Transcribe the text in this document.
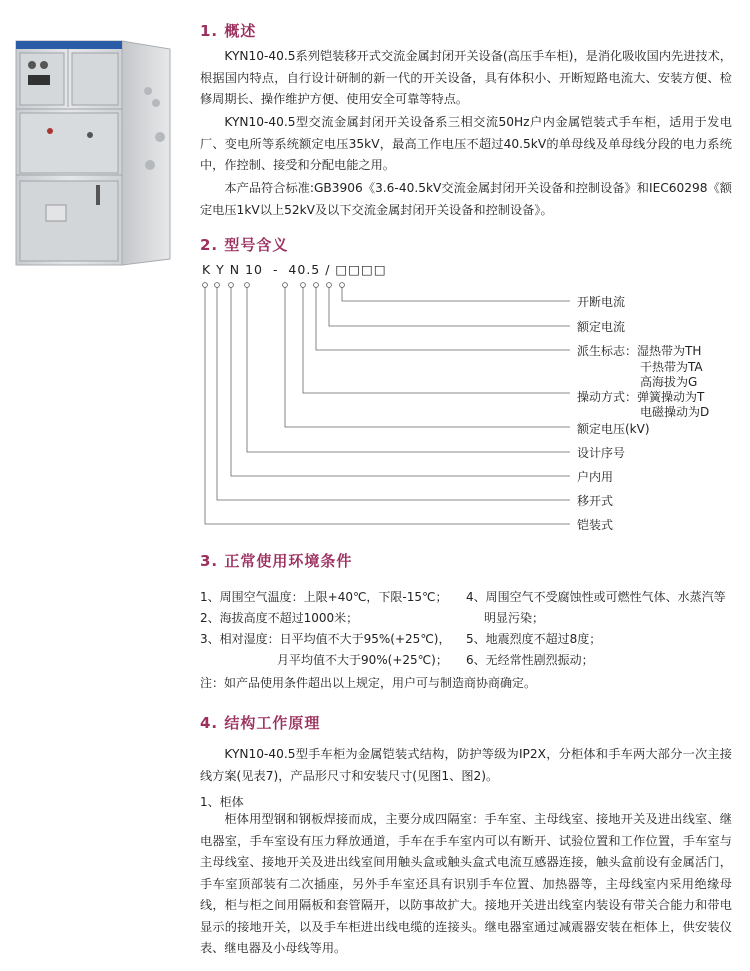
1. 概述
KYN10-40.5系列铠装移开式交流金属封闭开关设备(高压手车柜)，是消化吸收国内先进技术，根据国内特点，自行设计研制的新一代的开关设备，具有体积小、开断短路电流大、安装方便、检修周期长、操作维护方便、使用安全可靠等特点。
KYN10-40.5型交流金属封闭开关设备系三相交流50Hz户内金属铠装式手车柜，适用于发电厂、变电所等系统额定电压35kV，最高工作电压不超过40.5kV的单母线及单母线分段的电力系统中，作控制、接受和分配电能之用。
本产品符合标准:GB3906《3.6-40.5kV交流金属封闭开关设备和控制设备》和IEC60298《额定电压1kV以上52kV及以下交流金属封闭开关设备和控制设备》。
2. 型号含义
K Y N 10  -  40.5 / □□□□
开断电流
额定电流
派生标志：湿热带为TH
干热带为TA
高海拔为G
操动方式：弹簧操动为T
电磁操动为D
额定电压(kV)
设计序号
户内用
移开式
铠装式
3. 正常使用环境条件
1、周围空气温度：上限+40℃，下限-15℃；
2、海拔高度不超过1000米；
3、相对湿度：日平均值不大于95%(+25℃)，
月平均值不大于90%(+25℃)；
4、周围空气不受腐蚀性或可燃性气体、水蒸汽等
明显污染；
5、地震烈度不超过8度；
6、无经常性剧烈振动；
注：如产品使用条件超出以上规定，用户可与制造商协商确定。
4. 结构工作原理
KYN10-40.5型手车柜为金属铠装式结构，防护等级为IP2X，分柜体和手车两大部分一次主接线方案(见表7)，产品形尺寸和安装尺寸(见图1、图2)。
1、柜体
柜体用型钢和钢板焊接而成，主要分成四隔室：手车室、主母线室、接地开关及进出线室、继电器室，手车室设有压力释放通道，手车在手车室内可以有断开、试验位置和工作位置，手车室与主母线室、接地开关及进出线室间用触头盒或触头盒式电流互感器连接，触头盒前设有金属活门，手车室顶部装有二次插座，另外手车室还具有识别手车位置、加热器等，主母线室内采用绝缘母线，柜与柜之间用隔板和套管隔开，以防事故扩大。接地开关进出线室内装设有带关合能力和带电显示的接地开关，以及手车柜进出线电缆的连接头。继电器室通过减震器安装在柜体上，供安装仪表、继电器及小母线等用。
